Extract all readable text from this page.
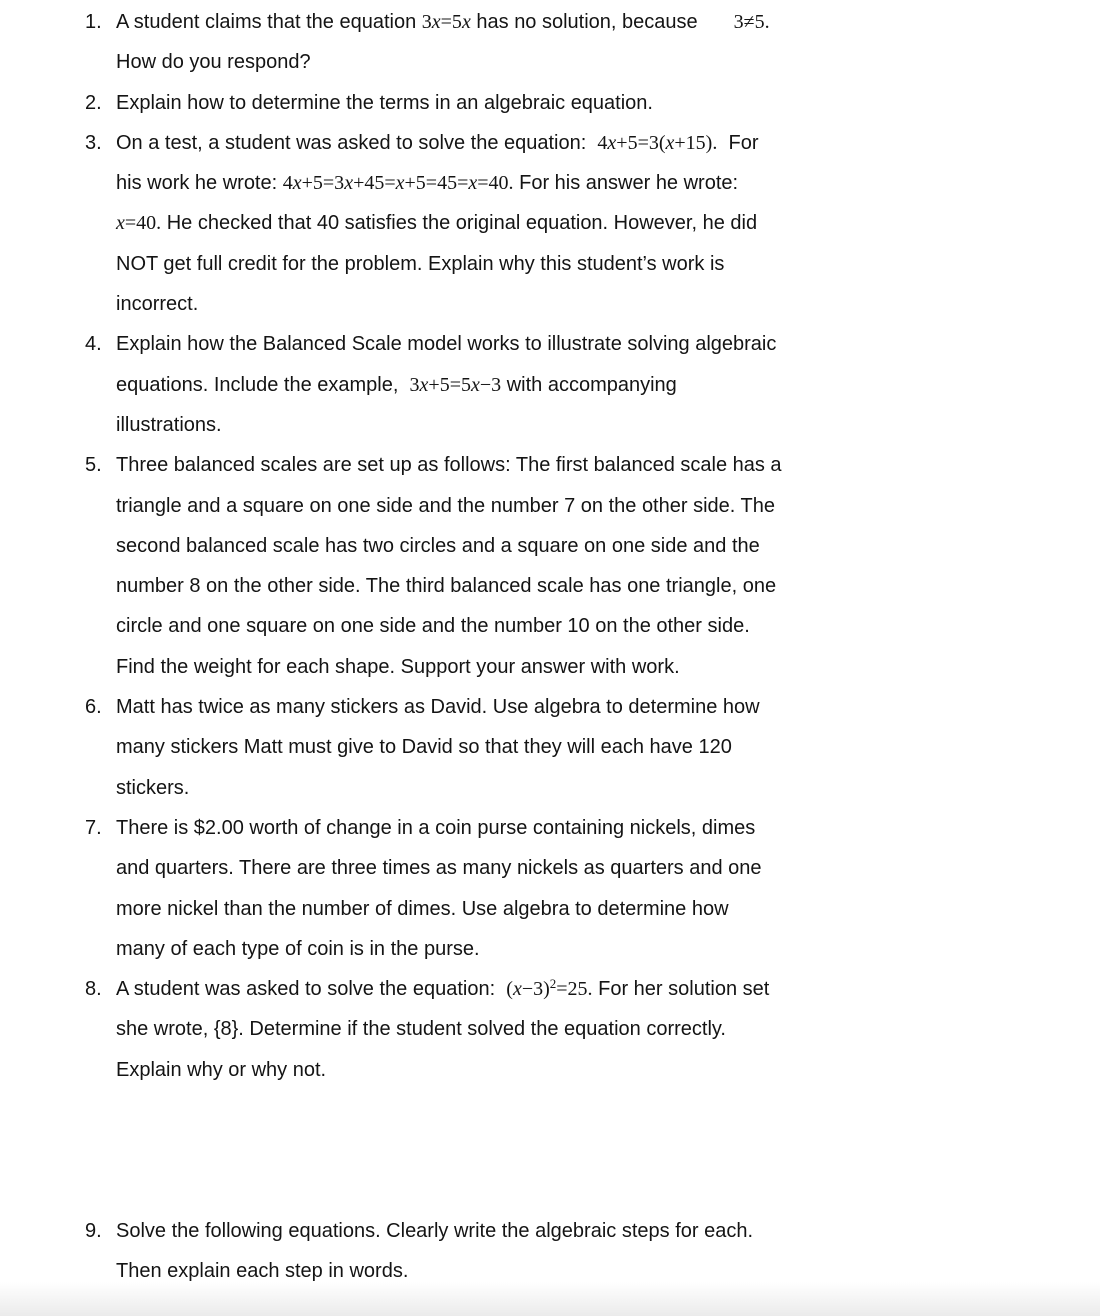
1. A student claims that the equation 3x=5x has no solution, because 3≠5.
How do you respond?
2. Explain how to determine the terms in an algebraic equation.
3. On a test, a student was asked to solve the equation:  4x+5=3(x+15).  For
his work he wrote: 4x+5=3x+45=x+5=45=x=40. For his answer he wrote:
x=40. He checked that 40 satisfies the original equation. However, he did
NOT get full credit for the problem. Explain why this student’s work is
incorrect.
4. Explain how the Balanced Scale model works to illustrate solving algebraic
equations. Include the example,  3x+5=5x−3 with accompanying
illustrations.
5. Three balanced scales are set up as follows: The first balanced scale has a
triangle and a square on one side and the number 7 on the other side. The
second balanced scale has two circles and a square on one side and the
number 8 on the other side. The third balanced scale has one triangle, one
circle and one square on one side and the number 10 on the other side.
Find the weight for each shape. Support your answer with work.
6. Matt has twice as many stickers as David. Use algebra to determine how
many stickers Matt must give to David so that they will each have 120
stickers.
7. There is $2.00 worth of change in a coin purse containing nickels, dimes
and quarters. There are three times as many nickels as quarters and one
more nickel than the number of dimes. Use algebra to determine how
many of each type of coin is in the purse.
8. A student was asked to solve the equation:  $(x-3)^2=25$. For her solution set
she wrote, {8}. Determine if the student solved the equation correctly.
Explain why or why not.
9. Solve the following equations. Clearly write the algebraic steps for each.
Then explain each step in words.
